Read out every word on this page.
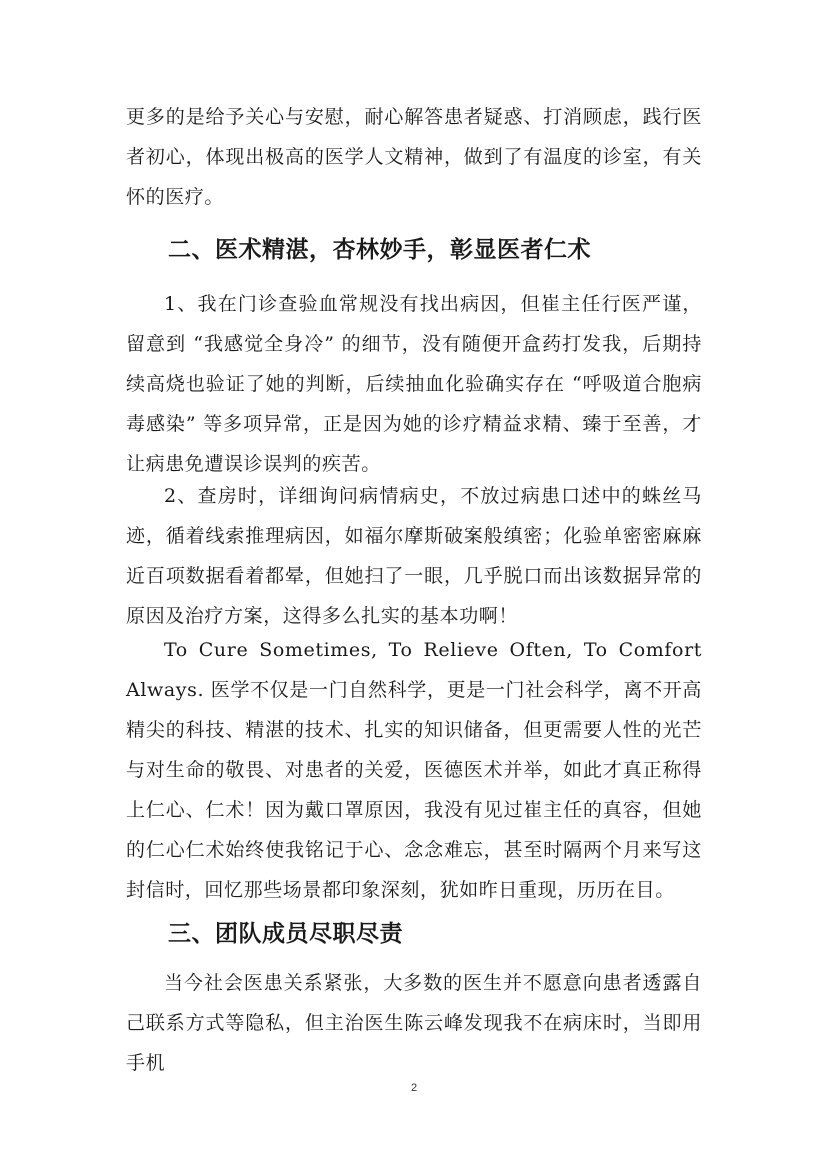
更多的是给予关心与安慰，耐心解答患者疑惑、打消顾虑，践行医者初心，体现出极高的医学人文精神，做到了有温度的诊室，有关怀的医疗。

二、医术精湛，杏林妙手，彰显医者仁术

1、我在门诊查验血常规没有找出病因，但崔主任行医严谨，留意到 “我感觉全身冷” 的细节，没有随便开盒药打发我，后期持续高烧也验证了她的判断，后续抽血化验确实存在 “呼吸道合胞病毒感染” 等多项异常，正是因为她的诊疗精益求精、臻于至善，才让病患免遭误诊误判的疾苦。

2、查房时，详细询问病情病史，不放过病患口述中的蛛丝马迹，循着线索推理病因，如福尔摩斯破案般缜密；化验单密密麻麻近百项数据看着都晕，但她扫了一眼，几乎脱口而出该数据异常的原因及治疗方案，这得多么扎实的基本功啊！

To Cure Sometimes, To Relieve Often, To Comfort Always. 医学不仅是一门自然科学，更是一门社会科学，离不开高精尖的科技、精湛的技术、扎实的知识储备，但更需要人性的光芒与对生命的敬畏、对患者的关爱，医德医术并举，如此才真正称得上仁心、仁术！因为戴口罩原因，我没有见过崔主任的真容，但她的仁心仁术始终使我铭记于心、念念难忘，甚至时隔两个月来写这封信时，回忆那些场景都印象深刻，犹如昨日重现，历历在目。

三、团队成员尽职尽责

当今社会医患关系紧张，大多数的医生并不愿意向患者透露自己联系方式等隐私，但主治医生陈云峰发现我不在病床时，当即用手机

2
